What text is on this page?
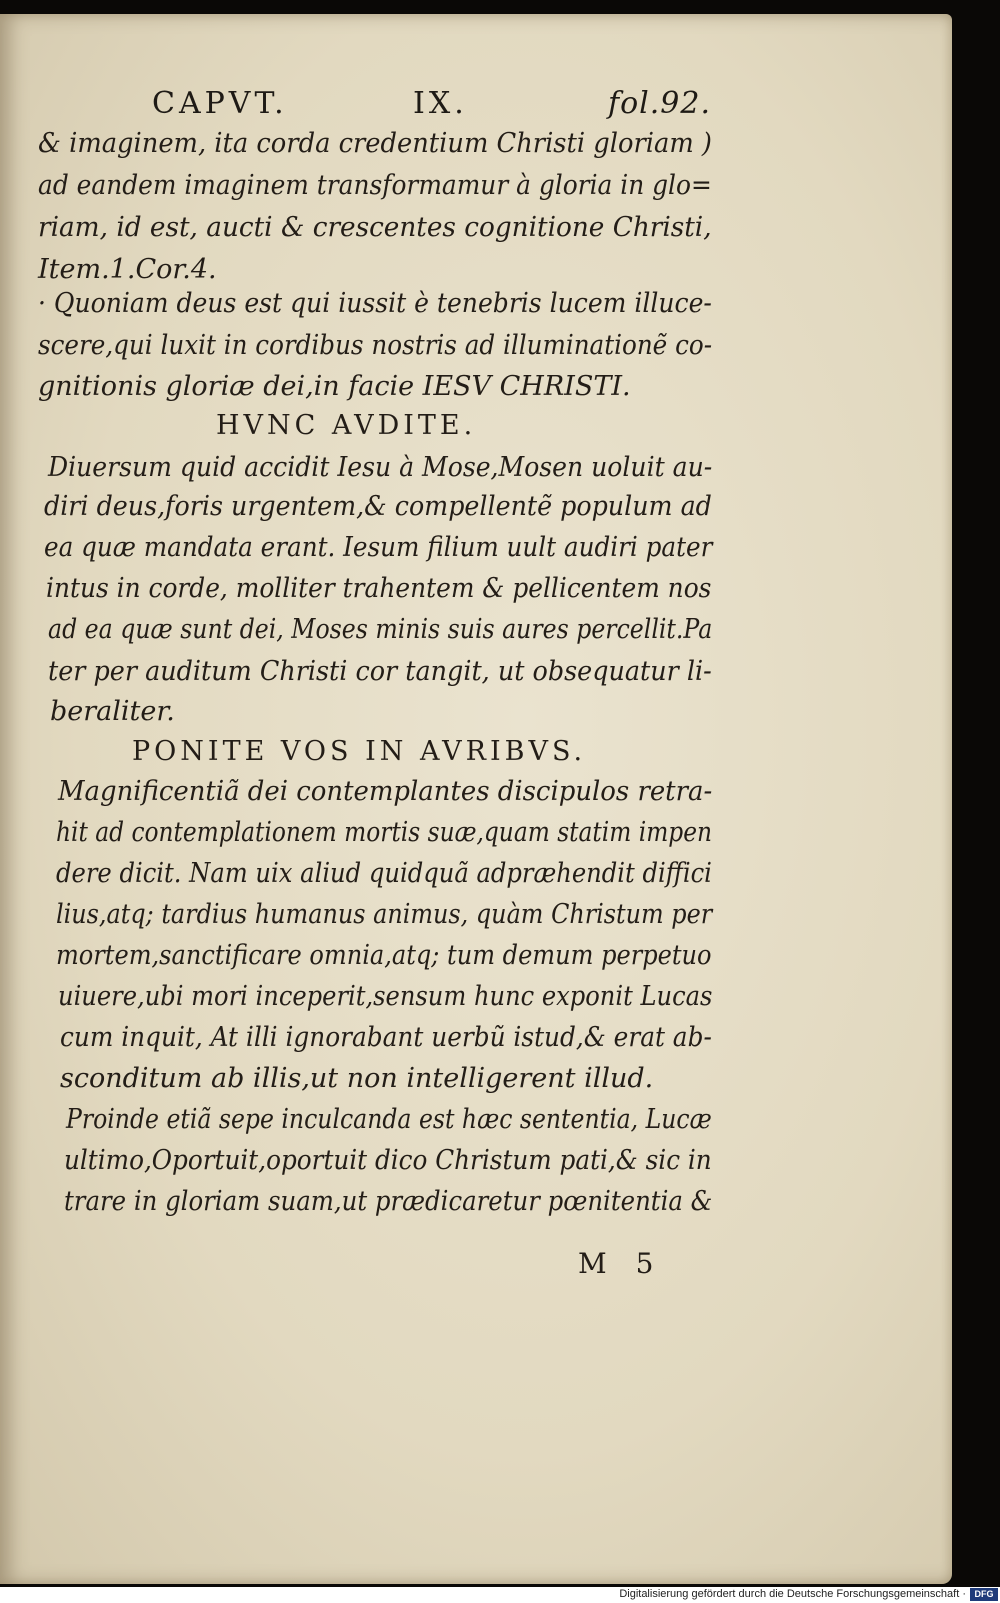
CAPVT.	IX.	fol.92.
& imaginem, ita corda credentium Christi gloriam )
ad eandem imaginem transformamur à gloria in glo=
riam, id est, aucti & crescentes cognitione Christi,
Item.1.Cor.4.
· Quoniam deus est qui iussit è tenebris lucem illuce-
scere,qui luxit in cordibus nostris ad illuminationẽ co-
gnitionis gloriæ dei,in facie IESV CHRISTI.
HVNC AVDITE.
Diuersum quid accidit Iesu à Mose,Mosen uoluit au-
diri deus,foris urgentem,& compellentẽ populum ad
ea quæ mandata erant. Iesum filium uult audiri pater
intus in corde, molliter trahentem & pellicentem nos
ad ea quæ sunt dei, Moses minis suis aures percellit.Pa
ter per auditum Christi cor tangit, ut obsequatur li-
beraliter.
PONITE VOS IN AVRIBVS.
Magnificentiã dei contemplantes discipulos retra-
hit ad contemplationem mortis suæ,quam statim impen
dere dicit. Nam uix aliud quidquã adprӕhendit diffici
lius,atq; tardius humanus animus, quàm Christum per
mortem,sanctificare omnia,atq; tum demum perpetuo
uiuere,ubi mori inceperit,sensum hunc exponit Lucas
cum inquit, At illi ignorabant uerbũ istud,& erat ab-
sconditum ab illis,ut non intelligerent illud.
Proinde etiã sepe inculcanda est hæc sententia, Lucæ
ultimo,Oportuit,oportuit dico Christum pati,& sic in
trare in gloriam suam,ut prædicaretur pœnitentia &
M 5
Digitalisierung gefördert durch die Deutsche Forschungsgemeinschaft · DFG
